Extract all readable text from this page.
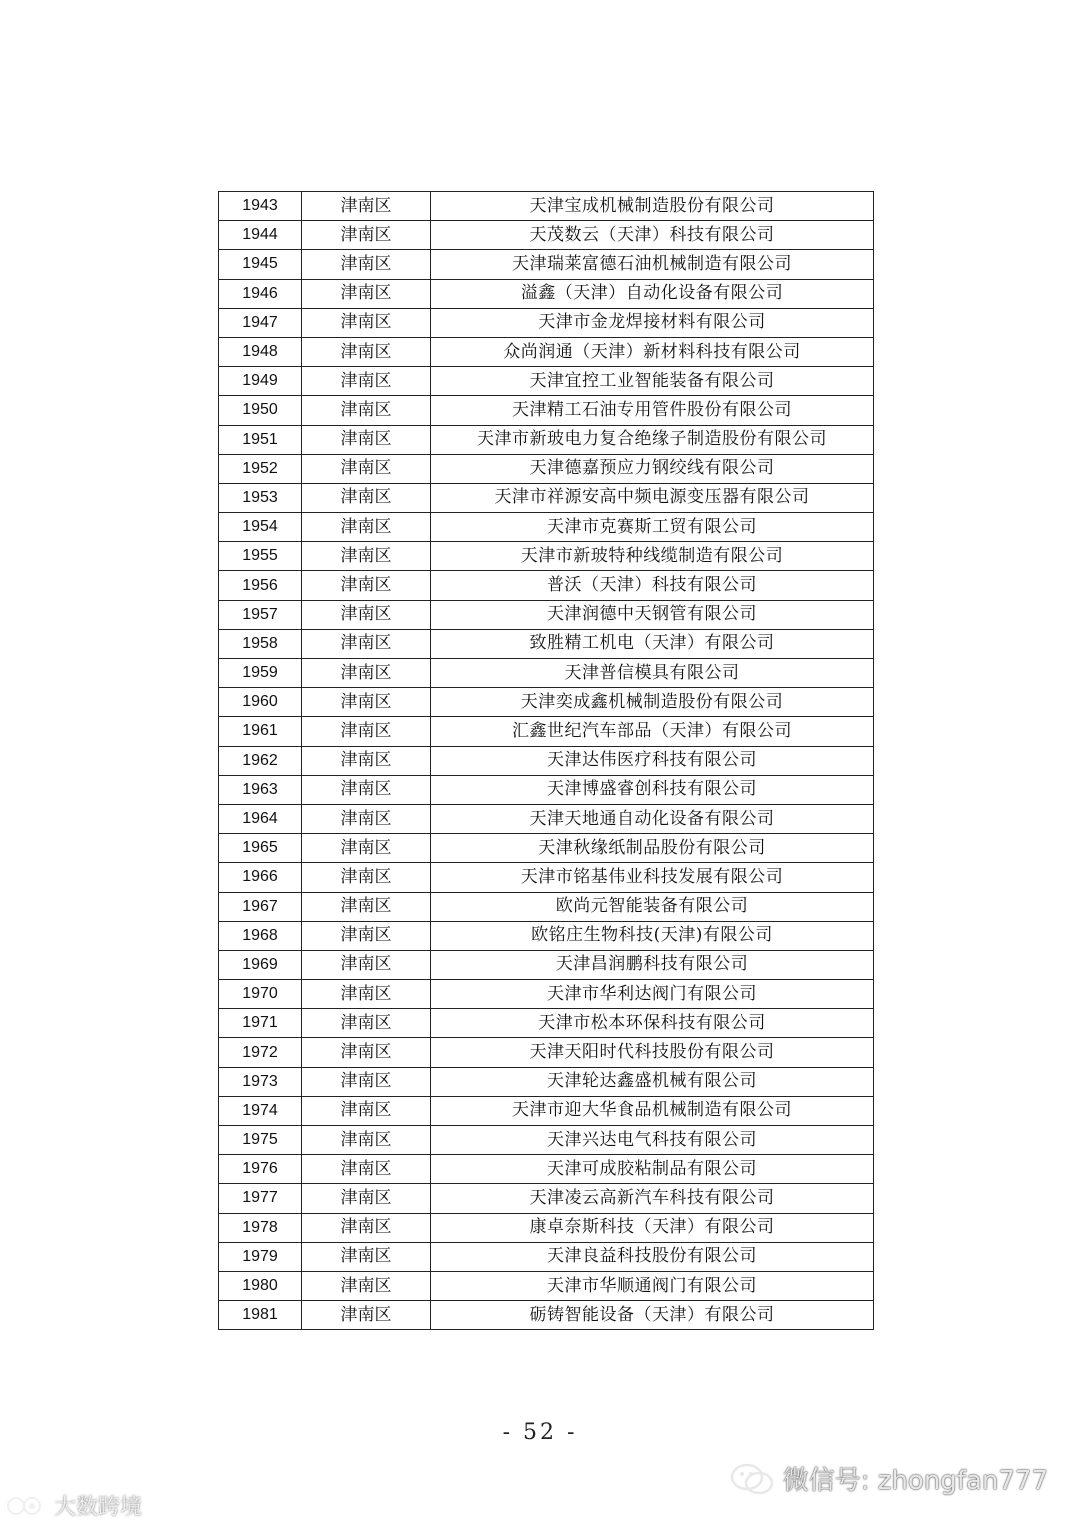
1943	津南区	天津宝成机械制造股份有限公司
1944	津南区	天茂数云（天津）科技有限公司
1945	津南区	天津瑞莱富德石油机械制造有限公司
1946	津南区	溢鑫（天津）自动化设备有限公司
1947	津南区	天津市金龙焊接材料有限公司
1948	津南区	众尚润通（天津）新材料科技有限公司
1949	津南区	天津宜控工业智能装备有限公司
1950	津南区	天津精工石油专用管件股份有限公司
1951	津南区	天津市新玻电力复合绝缘子制造股份有限公司
1952	津南区	天津德嘉预应力钢绞线有限公司
1953	津南区	天津市祥源安高中频电源变压器有限公司
1954	津南区	天津市克赛斯工贸有限公司
1955	津南区	天津市新玻特种线缆制造有限公司
1956	津南区	普沃（天津）科技有限公司
1957	津南区	天津润德中天钢管有限公司
1958	津南区	致胜精工机电（天津）有限公司
1959	津南区	天津普信模具有限公司
1960	津南区	天津奕成鑫机械制造股份有限公司
1961	津南区	汇鑫世纪汽车部品（天津）有限公司
1962	津南区	天津达伟医疗科技有限公司
1963	津南区	天津博盛睿创科技有限公司
1964	津南区	天津天地通自动化设备有限公司
1965	津南区	天津秋缘纸制品股份有限公司
1966	津南区	天津市铭基伟业科技发展有限公司
1967	津南区	欧尚元智能装备有限公司
1968	津南区	欧铭庄生物科技(天津)有限公司
1969	津南区	天津昌润鹏科技有限公司
1970	津南区	天津市华利达阀门有限公司
1971	津南区	天津市松本环保科技有限公司
1972	津南区	天津天阳时代科技股份有限公司
1973	津南区	天津轮达鑫盛机械有限公司
1974	津南区	天津市迎大华食品机械制造有限公司
1975	津南区	天津兴达电气科技有限公司
1976	津南区	天津可成胶粘制品有限公司
1977	津南区	天津凌云高新汽车科技有限公司
1978	津南区	康卓奈斯科技（天津）有限公司
1979	津南区	天津良益科技股份有限公司
1980	津南区	天津市华顺通阀门有限公司
1981	津南区	砺铸智能设备（天津）有限公司
- 52 -
微信号: zhongfan777
大数跨境
